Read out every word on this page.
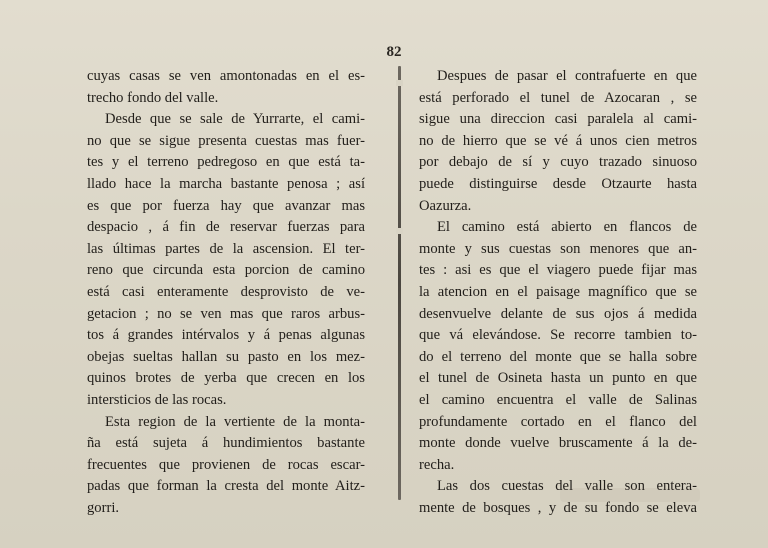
82
cuyas casas se ven amontonadas en el es-
trecho fondo del valle.
Desde que se sale de Yurrarte, el cami-
no que se sigue presenta cuestas mas fuer-
tes y el terreno pedregoso en que está ta-
llado hace la marcha bastante penosa ; así
es que por fuerza hay que avanzar mas
despacio , á fin de reservar fuerzas para
las últimas partes de la ascension. El ter-
reno que circunda esta porcion de camino
está casi enteramente desprovisto de ve-
getacion ; no se ven mas que raros arbus-
tos á grandes intérvalos y á penas algunas
obejas sueltas hallan su pasto en los mez-
quinos brotes de yerba que crecen en los
intersticios de las rocas.
Esta region de la vertiente de la monta-
ña está sujeta á hundimientos bastante
frecuentes que provienen de rocas escar-
padas que forman la cresta del monte Aitz-
gorri.
Despues de pasar el contrafuerte en que
está perforado el tunel de Azocaran , se
sigue una direccion casi paralela al cami-
no de hierro que se vé á unos cien metros
por debajo de sí y cuyo trazado sinuoso
puede distinguirse desde Otzaurte hasta
Oazurza.
El camino está abierto en flancos de
monte y sus cuestas son menores que an-
tes : asi es que el viagero puede fijar mas
la atencion en el paisage magnífico que se
desenvuelve delante de sus ojos á medida
que vá elevándose. Se recorre tambien to-
do el terreno del monte que se halla sobre
el tunel de Osineta hasta un punto en que
el camino encuentra el valle de Salinas
profundamente cortado en el flanco del
monte donde vuelve bruscamente á la de-
recha.
Las dos cuestas del valle son entera-
mente de bosques , y de su fondo se eleva
